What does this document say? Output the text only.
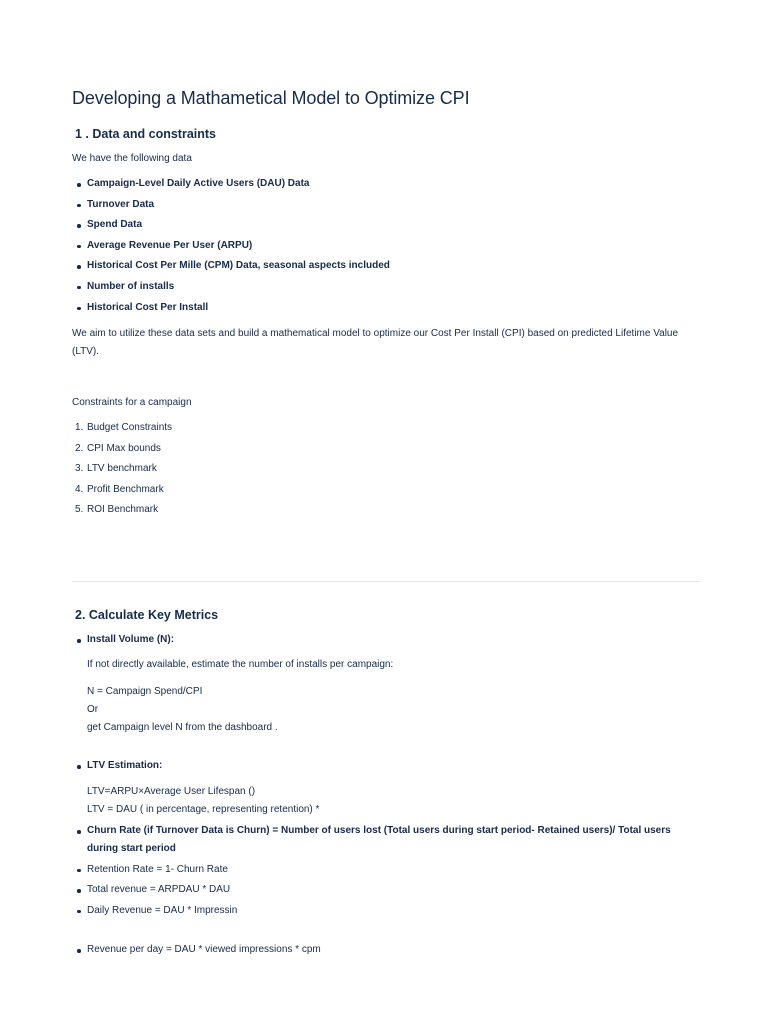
Developing a Mathametical Model to Optimize CPI
1 . Data and constraints

We have the following data

Campaign-Level Daily Active Users (DAU) Data
Turnover Data
Spend Data
Average Revenue Per User (ARPU)
Historical Cost Per Mille (CPM) Data, seasonal aspects included
Number of installs
Historical Cost Per Install

We aim to utilize these data sets and build a mathematical model to optimize our Cost Per Install (CPI) based on predicted Lifetime Value (LTV).

Constraints for a campaign

1. Budget Constraints
2. CPI Max bounds
3. LTV benchmark
4. Profit Benchmark
5. ROI Benchmark
2. Calculate Key Metrics
Install Volume (N):

If not directly available, estimate the number of installs per campaign:

N = Campaign Spend/CPI

Or

get Campaign level N from the dashboard .

LTV Estimation:

LTV=ARPU×Average User Lifespan ()

LTV = DAU ( in percentage, representing retention) *

Churn Rate (if Turnover Data is Churn) = Number of users lost (Total users during start period- Retained users)/ Total users during start period
Retention Rate = 1- Churn Rate
Total revenue = ARPDAU * DAU
Daily Revenue = DAU * Impressin
Revenue per day = DAU * viewed impressions * cpm
